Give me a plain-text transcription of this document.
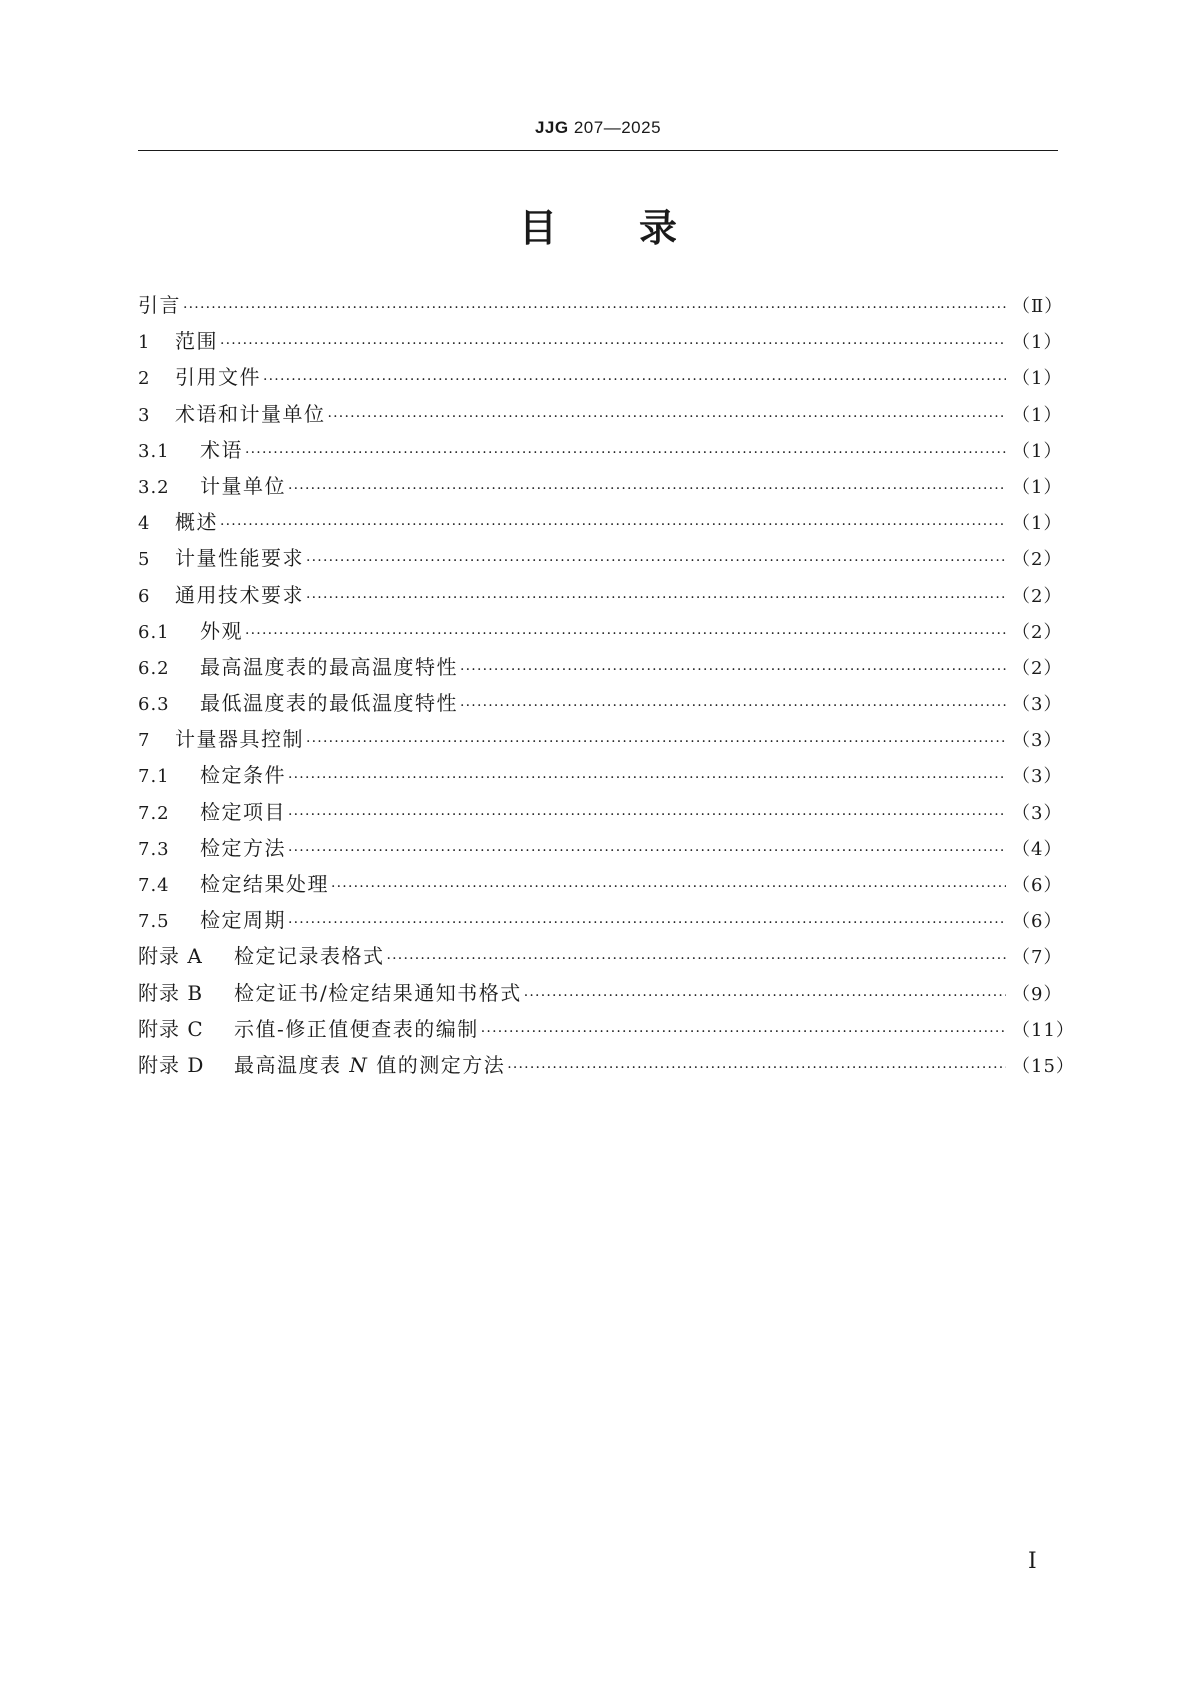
JJG 207—2025
目 录
引言 ·····	（Ⅱ）
1	范围 ·····	（1）
2	引用文件 ·····	（1）
3	术语和计量单位 ·····	（1）
3.1	术语 ·····	（1）
3.2	计量单位 ·····	（1）
4	概述 ·····	（1）
5	计量性能要求 ·····	（2）
6	通用技术要求 ·····	（2）
6.1	外观 ·····	（2）
6.2	最高温度表的最高温度特性 ·····	（2）
6.3	最低温度表的最低温度特性 ·····	（3）
7	计量器具控制 ·····	（3）
7.1	检定条件 ·····	（3）
7.2	检定项目 ·····	（3）
7.3	检定方法 ·····	（4）
7.4	检定结果处理 ·····	（6）
7.5	检定周期 ·····	（6）
附录 A	检定记录表格式 ·····	（7）
附录 B	检定证书/检定结果通知书格式 ·····	（9）
附录 C	示值-修正值便查表的编制 ·····	（11）
附录 D	最高温度表 N 值的测定方法 ·····	（15）
Ⅰ
